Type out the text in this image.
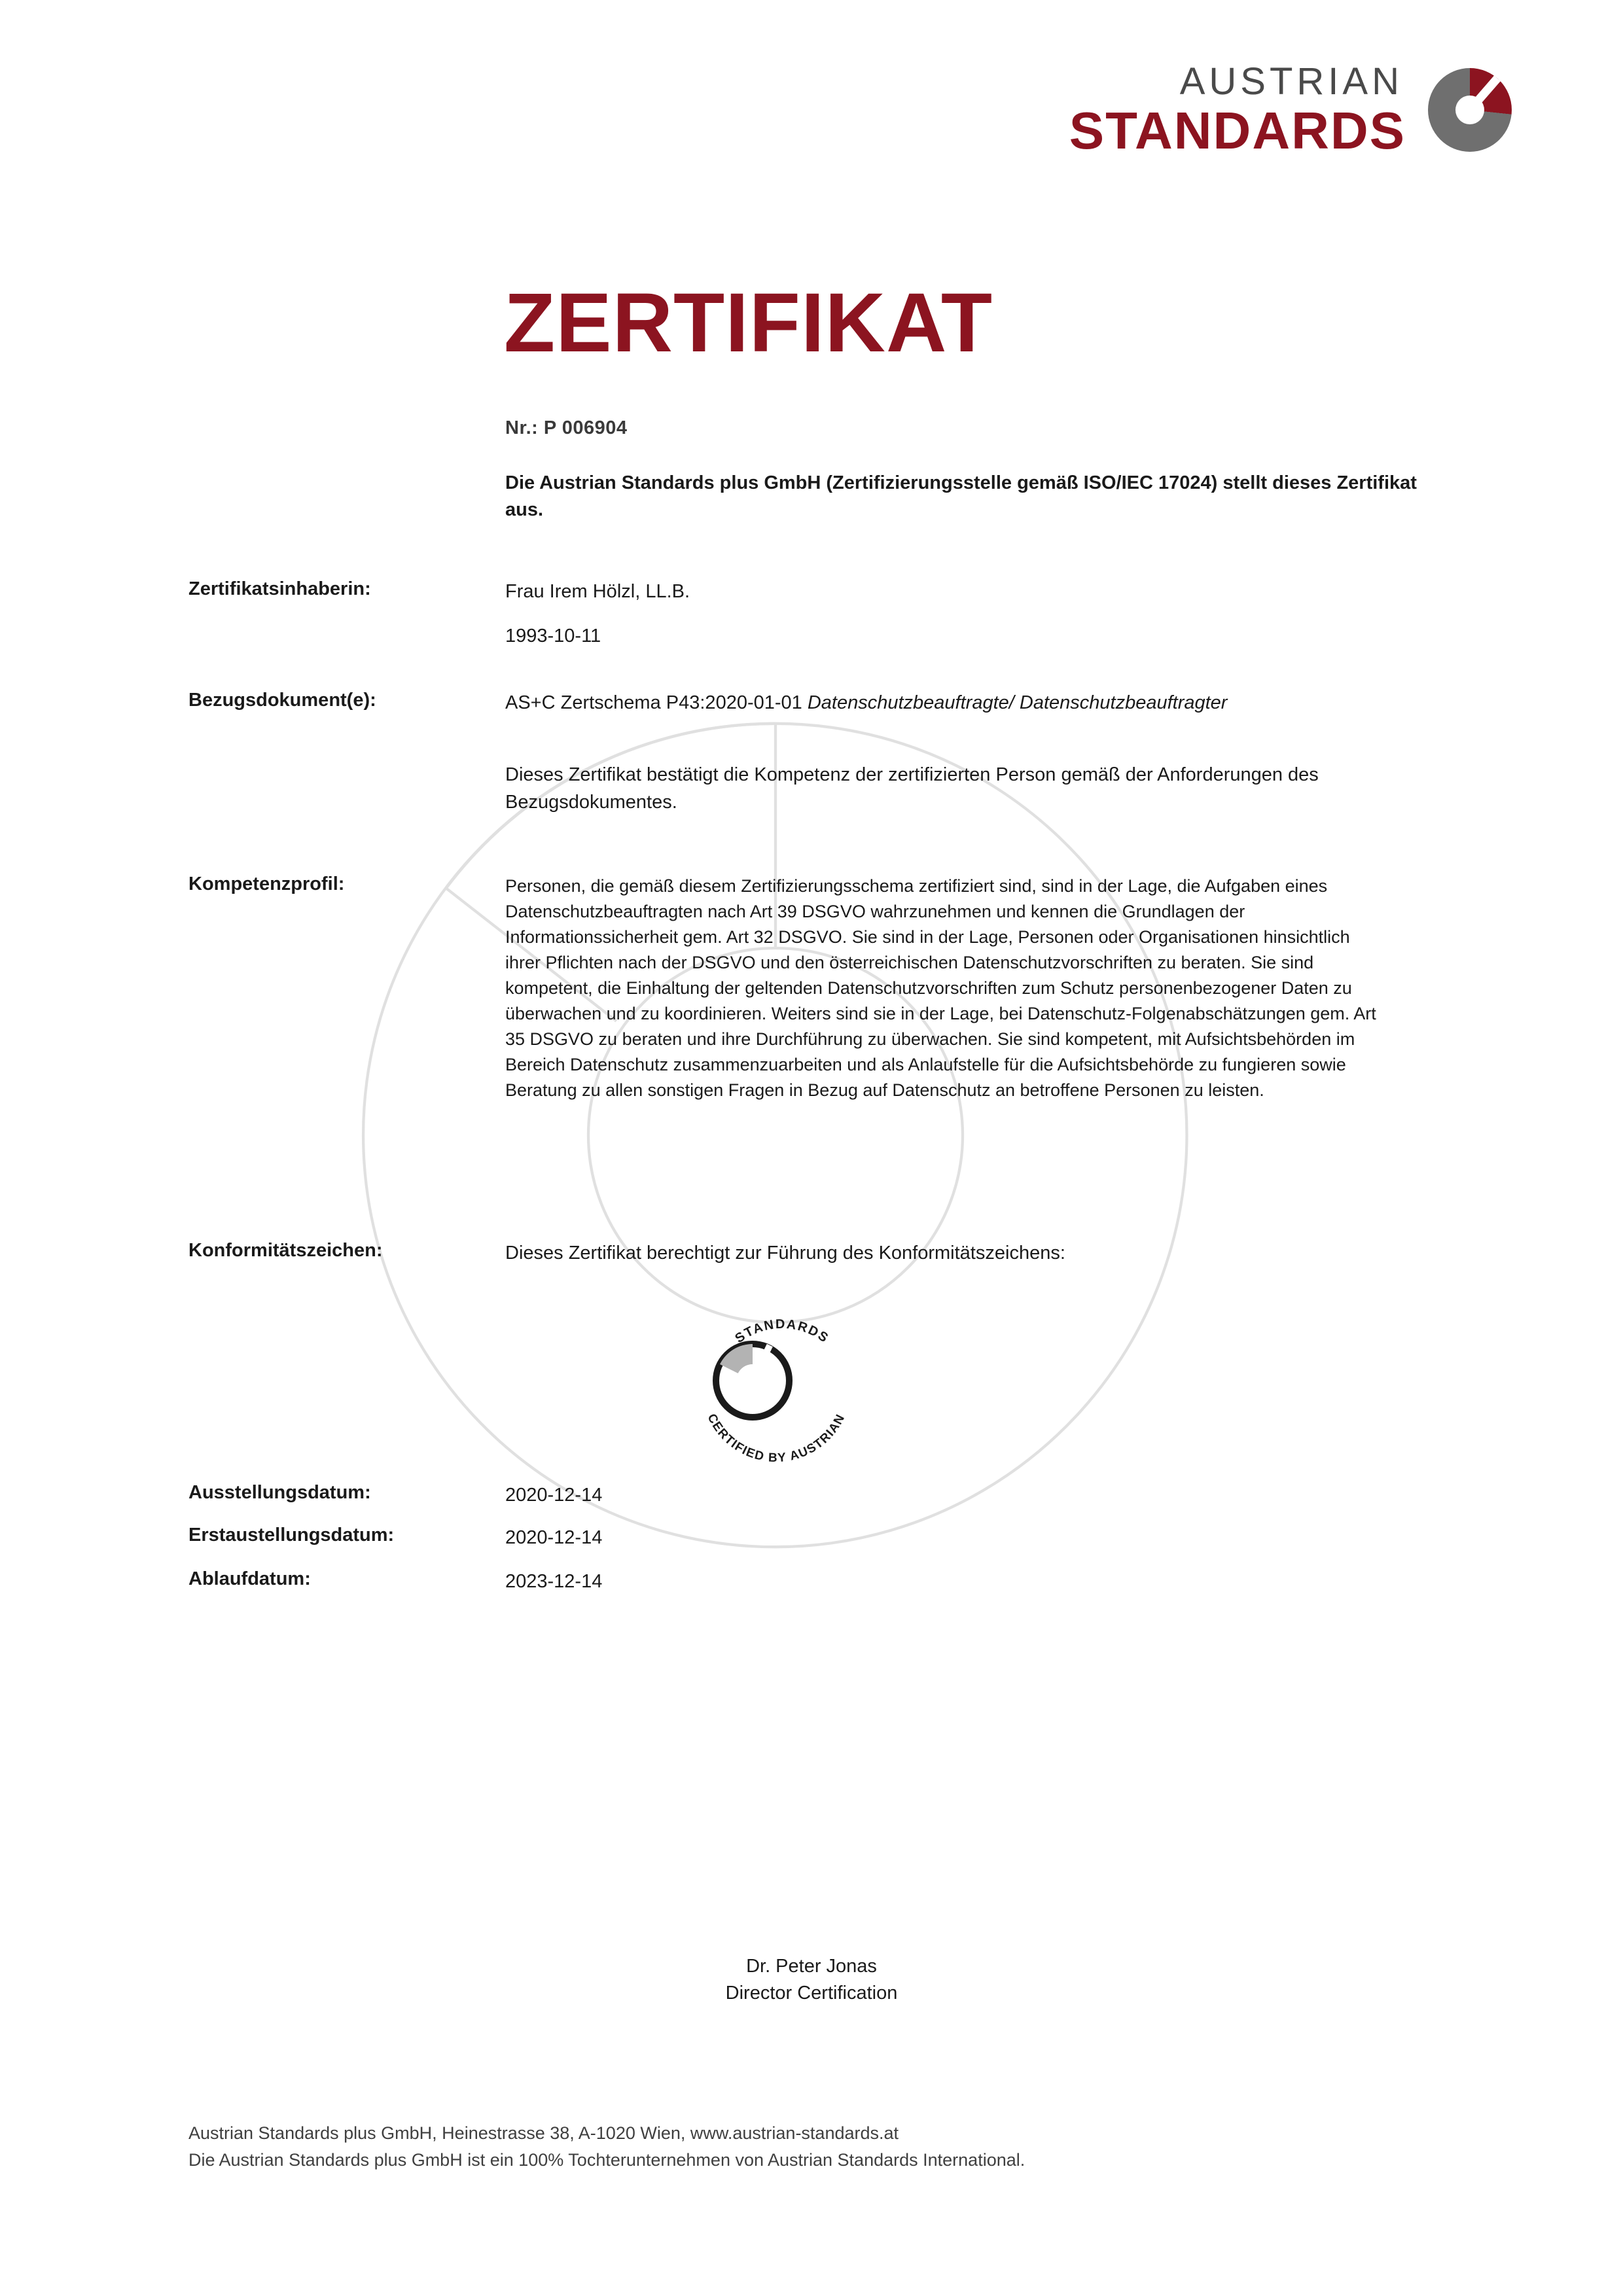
AUSTRIAN
STANDARDS
ZERTIFIKAT
Nr.: P 006904
Die Austrian Standards plus GmbH (Zertifizierungsstelle gemäß ISO/IEC 17024) stellt dieses Zertifikat aus.
Zertifikatsinhaberin:	Frau Irem Hölzl, LL.B.
1993-10-11
Bezugsdokument(e):	AS+C Zertschema P43:2020-01-01 Datenschutzbeauftragte/ Datenschutzbeauftragter
Dieses Zertifikat bestätigt die Kompetenz der zertifizierten Person gemäß der Anforderungen des Bezugsdokumentes.
Kompetenzprofil:	Personen, die gemäß diesem Zertifizierungsschema zertifiziert sind, sind in der Lage, die Aufgaben eines Datenschutzbeauftragten nach Art 39 DSGVO wahrzunehmen und kennen die Grundlagen der Informationssicherheit gem. Art 32 DSGVO. Sie sind in der Lage, Personen oder Organisationen hinsichtlich ihrer Pflichten nach der DSGVO und den österreichischen Datenschutzvorschriften zu beraten. Sie sind kompetent, die Einhaltung der geltenden Datenschutzvorschriften zum Schutz personenbezogener Daten zu überwachen und zu koordinieren. Weiters sind sie in der Lage, bei Datenschutz-Folgenabschätzungen gem. Art 35 DSGVO zu beraten und ihre Durchführung zu überwachen. Sie sind kompetent, mit Aufsichtsbehörden im Bereich Datenschutz zusammenzuarbeiten und als Anlaufstelle für die Aufsichtsbehörde zu fungieren sowie Beratung zu allen sonstigen Fragen in Bezug auf Datenschutz an betroffene Personen zu leisten.
Konformitätszeichen:	Dieses Zertifikat berechtigt zur Führung des Konformitätszeichens:
STANDARDS
CERTIFIED BY AUSTRIAN
Ausstellungsdatum:	2020-12-14
Erstaustellungsdatum:	2020-12-14
Ablaufdatum:	2023-12-14
Dr. Peter Jonas
Director Certification
Austrian Standards plus GmbH, Heinestrasse 38, A-1020 Wien, www.austrian-standards.at
Die Austrian Standards plus GmbH ist ein 100% Tochterunternehmen von Austrian Standards International.
